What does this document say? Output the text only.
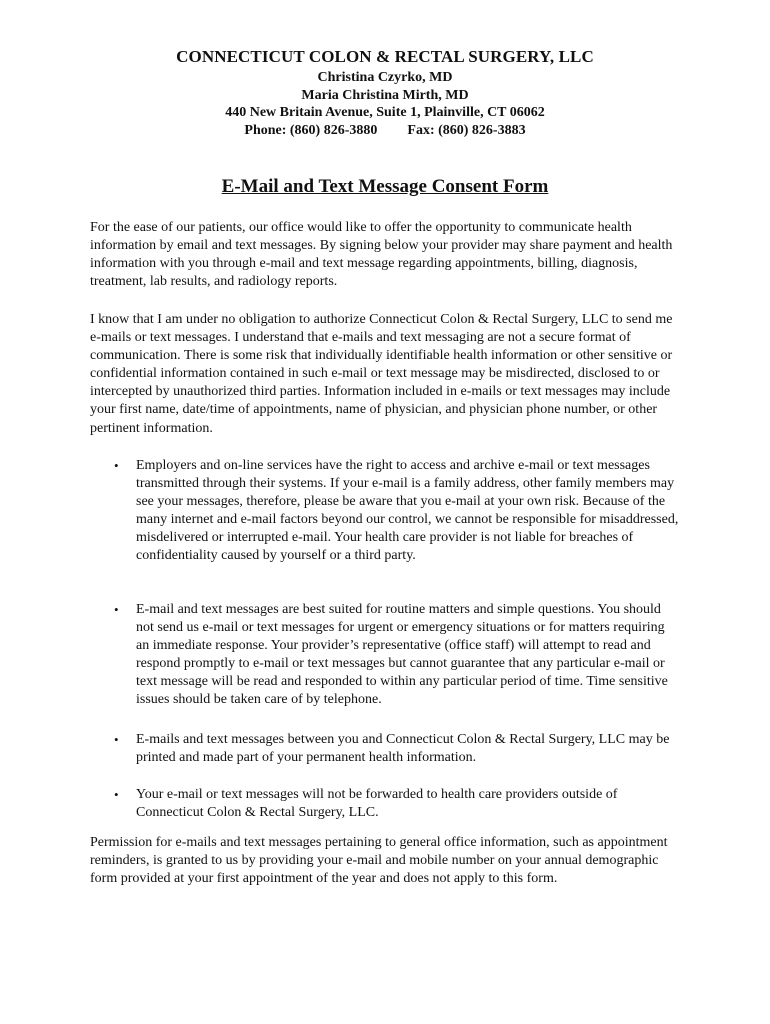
CONNECTICUT COLON & RECTAL SURGERY, LLC
Christina Czyrko, MD
Maria Christina Mirth, MD
440 New Britain Avenue, Suite 1, Plainville, CT 06062
Phone: (860) 826-3880 Fax: (860) 826-3883
E-Mail and Text Message Consent Form

For the ease of our patients, our office would like to offer the opportunity to communicate health information by email and text messages. By signing below your provider may share payment and health information with you through e-mail and text message regarding appointments, billing, diagnosis, treatment, lab results, and radiology reports.

I know that I am under no obligation to authorize Connecticut Colon & Rectal Surgery, LLC to send me e-mails or text messages. I understand that e-mails and text messaging are not a secure format of communication. There is some risk that individually identifiable health information or other sensitive or confidential information contained in such e-mail or text message may be misdirected, disclosed to or intercepted by unauthorized third parties. Information included in e-mails or text messages may include your first name, date/time of appointments, name of physician, and physician phone number, or other pertinent information.

• Employers and on-line services have the right to access and archive e-mail or text messages transmitted through their systems. If your e-mail is a family address, other family members may see your messages, therefore, please be aware that you e-mail at your own risk. Because of the many internet and e-mail factors beyond our control, we cannot be responsible for misaddressed, misdelivered or interrupted e-mail. Your health care provider is not liable for breaches of confidentiality caused by yourself or a third party.
• E-mail and text messages are best suited for routine matters and simple questions. You should not send us e-mail or text messages for urgent or emergency situations or for matters requiring an immediate response. Your provider’s representative (office staff) will attempt to read and respond promptly to e-mail or text messages but cannot guarantee that any particular e-mail or text message will be read and responded to within any particular period of time. Time sensitive issues should be taken care of by telephone.
• E-mails and text messages between you and Connecticut Colon & Rectal Surgery, LLC may be printed and made part of your permanent health information.
• Your e-mail or text messages will not be forwarded to health care providers outside of Connecticut Colon & Rectal Surgery, LLC.

Permission for e-mails and text messages pertaining to general office information, such as appointment reminders, is granted to us by providing your e-mail and mobile number on your annual demographic form provided at your first appointment of the year and does not apply to this form.
